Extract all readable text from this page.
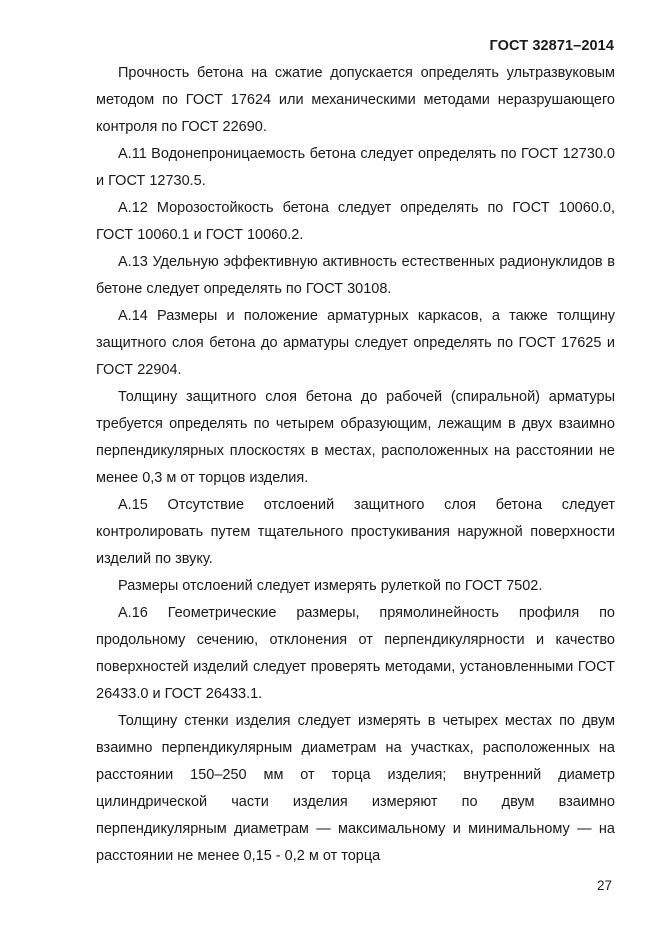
ГОСТ 32871–2014

Прочность бетона на сжатие допускается определять ультразвуковым методом по ГОСТ 17624 или механическими методами неразрушающего контроля по ГОСТ 22690.

А.11 Водонепроницаемость бетона следует определять по ГОСТ 12730.0 и ГОСТ 12730.5.

А.12 Морозостойкость бетона следует определять по ГОСТ 10060.0, ГОСТ 10060.1 и ГОСТ 10060.2.

А.13 Удельную эффективную активность естественных радионуклидов в бетоне следует определять по ГОСТ 30108.

А.14 Размеры и положение арматурных каркасов, а также толщину защитного слоя бетона до арматуры следует определять по ГОСТ 17625 и ГОСТ 22904.

Толщину защитного слоя бетона до рабочей (спиральной) арматуры требуется определять по четырем образующим, лежащим в двух взаимно перпендикулярных плоскостях в местах, расположенных на расстоянии не менее 0,3 м от торцов изделия.

А.15 Отсутствие отслоений защитного слоя бетона следует контролировать путем тщательного простукивания наружной поверхности изделий по звуку.

Размеры отслоений следует измерять рулеткой по ГОСТ 7502.

А.16 Геометрические размеры, прямолинейность профиля по продольному сечению, отклонения от перпендикулярности и качество поверхностей изделий следует проверять методами, установленными ГОСТ 26433.0 и ГОСТ 26433.1.

Толщину стенки изделия следует измерять в четырех местах по двум взаимно перпендикулярным диаметрам на участках, расположенных на расстоянии 150–250 мм от торца изделия; внутренний диаметр цилиндрической части изделия измеряют по двум взаимно перпендикулярным диаметрам — максимальному и минимальному — на расстоянии не менее 0,15 - 0,2 м от торца

27
